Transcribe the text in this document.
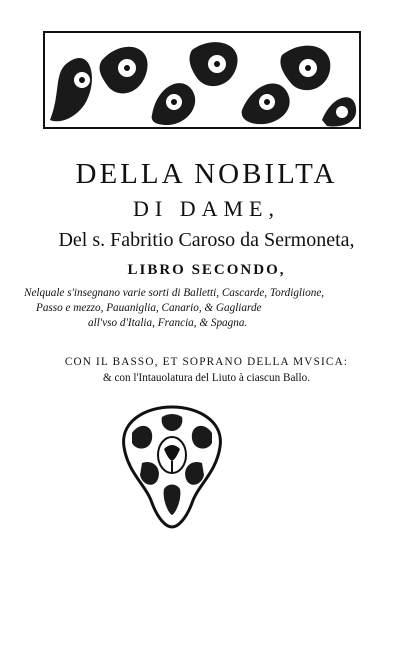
DELLA NOBILTA
DI DAME,
Del s. Fabritio Caroso da Sermoneta,
LIBRO SECONDO,
Nelquale s'insegnano varie sorti di Balletti, Cascarde, Tordiglione,
Passo e mezzo, Pauaniglia, Canario, & Gagliarde
all'vso d'Italia, Francia, & Spagna.
CON IL BASSO, ET SOPRANO DELLA MVSICA:
& con l'Intauolatura del Liuto à ciascun Ballo.
